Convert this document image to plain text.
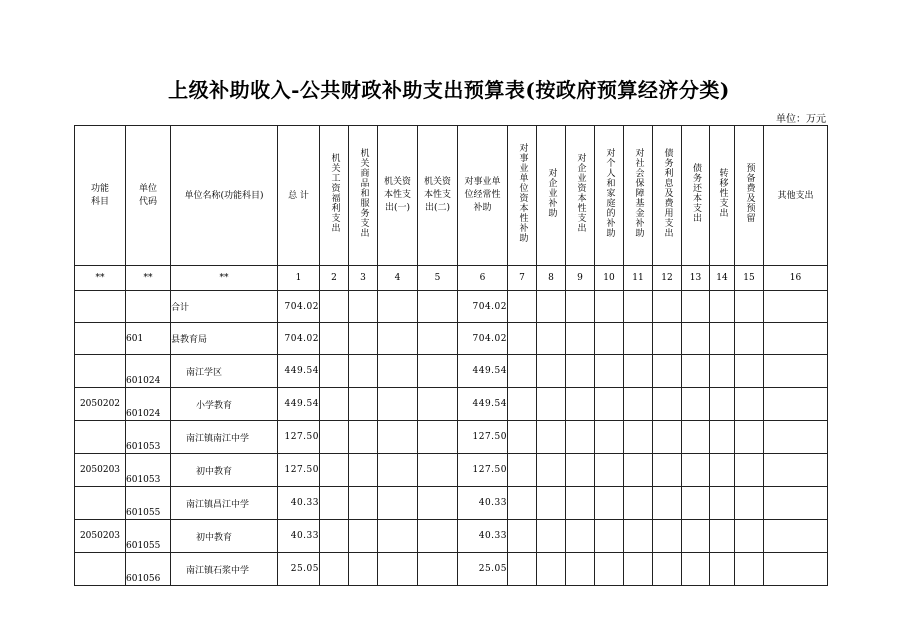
上级补助收入-公共财政补助支出预算表(按政府预算经济分类)
单位：万元
功能科目	单位代码	单位名称(功能科目)	总 计	机关工资福利支出	机关商品和服务支出	机关资本性支出(一)	机关资本性支出(二)	对事业单位经常性补助	对事业单位资本性补助	对企业补助	对企业资本性支出	对个人和家庭的补助	对社会保障基金补助	债务利息及费用支出	债务还本支出	转移性支出	预备费及预留	其他支出
**	**	**	1	2	3	4	5	6	7	8	9	10	11	12	13	14	15	16
		合计	704.02					704.02										
	601	县教育局	704.02					704.02										
	601024	南江学区	449.54					449.54										
2050202	601024	小学教育	449.54					449.54										
	601053	南江镇南江中学	127.50					127.50										
2050203	601053	初中教育	127.50					127.50										
	601055	南江镇昌江中学	40.33					40.33										
2050203	601055	初中教育	40.33					40.33										
	601056	南江镇石浆中学	25.05					25.05										
